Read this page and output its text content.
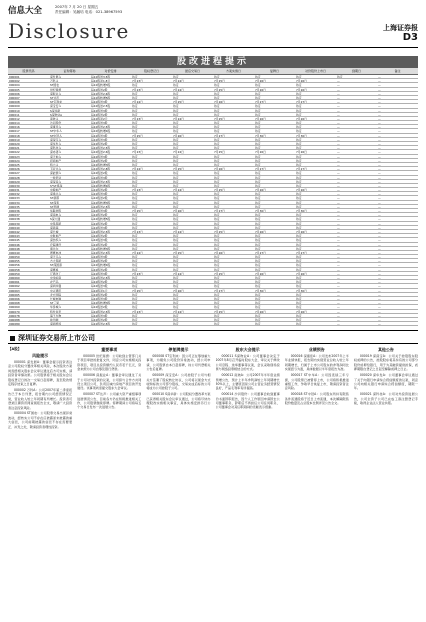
信息大全	2007年 7 月 20 日 星期五
责任编辑：吴瀚培 电话：021-38967593
Disclosure	上海证券报
D3
股改进程提示
股票代码	证券简称	对价安排	股权登记日	最后交易日	方案实施日	复牌日	对价股份上市日	到期日	备注
000001	深发展Ａ	每10股送3.5股	待定	待定	待定	待定	待定	待定	—
000002	万科Ａ	每10股派1.8元	7月23日	7月24日	7月25日	7月26日	7月26日	—	—
000004	ST国农	每10股转增3股	待定	待定	待定	待定	待定	—	—
000005	世纪星源	每10股送2股	7月23日	7月24日	7月25日	7月26日	7月26日	—	—
000006	深振业Ａ	每10股送2.6股	待定	待定	待定	待定	待定	—	—
000007	ST达声	每10股转增5股	待定	待定	待定	待定	待定	—	—
000008	ST宝利来	每10股送3股	7月24日	7月25日	7月26日	7月27日	7月27日	—	—
000009	深宝安Ａ	每10股送2.5股	待定	待定	待定	待定	待定	—	—
000010	S深华新	每10股送3股	待定	待定	待定	待定	待定	—	—
000011	S深物业A	每10股送2股	待定	待定	待定	待定	待定	—	—
000012	南玻Ａ	每10股派2元	7月23日	7月24日	7月25日	7月26日	7月26日	—	—
000014	沙河股份	每10股送3股	待定	待定	待定	待定	待定	—	—
000016	深康佳Ａ	每10股送2.5股	待定	待定	待定	待定	待定	—	—
000017	ST中华Ａ	每10股转增4股	待定	待定	待定	待定	待定	—	—
000018	ST中冠Ａ	每10股送3股	7月25日	7月26日	7月27日	7月30日	7月30日	—	—
000019	深深宝Ａ	每10股送3股	待定	待定	待定	待定	待定	—	—
000020	深华发Ａ	每10股送2股	待定	待定	待定	待定	待定	—	—
000021	深科技Ａ	每10股送2.5股	待定	待定	待定	待定	待定	—	—
000022	深赤湾Ａ	每10股送2.6股	7月23日	7月24日	7月25日	7月26日	7月26日	—	—
000023	深天地Ａ	每10股送3股	待定	待定	待定	待定	待定	—	—
000024	招商地产	每10股送2股	待定	待定	待定	待定	待定	—	—
000025	特力Ａ	每10股转增3股	待定	待定	待定	待定	待定	—	—
000026	飞亚达Ａ	每10股送2.8股	7月24日	7月25日	7月26日	7月27日	7月27日	—	—
000027	深能源Ａ	每10股送2股	待定	待定	待定	待定	待定	—	—
000028	一致药业	每10股送3股	待定	待定	待定	待定	待定	—	—
000029	深深房Ａ	每10股送2.5股	待定	待定	待定	待定	待定	—	—
000030	S*ST盛润	每10股转增4股	待定	待定	待定	待定	待定	—	—
000031	中粮地产	每10股送2股	7月23日	7月24日	7月25日	7月26日	7月26日	—	—
000032	深桑达Ａ	每10股送3股	待定	待定	待定	待定	待定	—	—
000033	ST新都	每10股送2股	待定	待定	待定	待定	待定	—	—
000034	ST深泰	每10股转增3股	待定	待定	待定	待定	待定	—	—
000035	ST科健	每10股送2.5股	待定	待定	待定	待定	待定	—	—
000036	华联控股	每10股送3股	7月25日	7月26日	7月27日	7月30日	7月30日	—	—
000037	深南电Ａ	每10股送2股	待定	待定	待定	待定	待定	—	—
000038	S深大通	每10股转增5股	待定	待定	待定	待定	待定	—	—
000039	中集集团	每10股送2股	待定	待定	待定	待定	待定	—	—
000040	深鸿基	每10股送3股	待定	待定	待定	待定	待定	—	—
000042	深长城	每10股送2.5股	7月23日	7月24日	7月25日	7月26日	7月26日	—	—
000043	中航地产	每10股送2股	待定	待定	待定	待定	待定	—	—
000045	深纺织Ａ	每10股送3股	待定	待定	待定	待定	待定	—	—
000046	泛海建设	每10股送2股	待定	待定	待定	待定	待定	—	—
000048	康达尔	每10股转增3股	待定	待定	待定	待定	待定	—	—
000049	德赛电池	每10股送2.5股	7月24日	7月25日	7月26日	7月27日	7月27日	—	—
000050	深天马Ａ	每10股送3股	待定	待定	待定	待定	待定	—	—
000055	方大集团	每10股送2股	待定	待定	待定	待定	待定	—	—
000056	ST深国商	每10股转增4股	待定	待定	待定	待定	待定	—	—
000058	深赛格	每10股送2股	待定	待定	待定	待定	待定	—	—
000059	辽通化工	每10股送3股	7月23日	7月24日	7月25日	7月26日	7月26日	—	—
000060	中金岭南	每10股送2.5股	待定	待定	待定	待定	待定	—	—
000061	农产品	每10股送2股	待定	待定	待定	待定	待定	—	—
000062	深圳华强	每10股送3股	待定	待定	待定	待定	待定	—	—
000063	中兴通讯	每10股派1元	7月25日	7月26日	7月27日	7月30日	7月30日	—	—
000065	北方国际	每10股送2股	待定	待定	待定	待定	待定	—	—
000066	长城电脑	每10股送3股	待定	待定	待定	待定	待定	—	—
000068	ST三星	每10股转增3股	待定	待定	待定	待定	待定	—	—
000069	华侨城Ａ	每10股送2股	待定	待定	待定	待定	待定	—	—
000070	特发信息	每10股送2.5股	7月23日	7月24日	7月25日	7月26日	7月26日	—	—
000078	海王生物	每10股送3股	待定	待定	待定	待定	待定	—	—
000088	盐田港	每10股送2股	待定	待定	待定	待定	待定	—	—
000089	深圳机场	每10股送2.5股	待定	待定	待定	待定	待定	—	—
深圳证券交易所上市公司
【A股】
风险提示

000001 深发展A：董事会提示投资者注意公司股权分置改革相关风险，本次股改方案尚需经相关股东会议审议通过后方可实施，请投资者审慎决策。公司股票将于相关股东会议股权登记日的次一交易日起停牌，直至股改规定程序结束之日复牌。

000002 万科A：公司2007年第二季度报告已于本日刊登，报告期内公司经营情况正常，营业收入较上年同期有所增长。投资者可登录巨潮资讯网查阅报告全文，敬请广大投资者注意投资风险。

000004 ST国农：公司股票交易出现异常波动，经核实公司不存在应披露而未披露的重大信息，公司前期披露的信息不存在需要更正、补充之处，敬请投资者理性投资。

重要事项

000005 世纪星源：公司收到主管部门关于项目审批的批复文件，同意公司实施相关投资项目，项目总投资额约人民币若干亿元，资金来源为公司自筹及银行贷款。

000006 深振业A：董事会审议通过了关于公司对外投资的议案，公司拟与合作方共同设立项目公司，负责区域内房地产项目的开发建设。该事项尚需提交股东大会审议。

000007 ST达声：公司重大资产重组事项进展情况公告，目前各方仍在积极推进相关工作，公司股票继续停牌。停牌期间公司将每五个交易日发布一次进展公告。

停复牌提示

000008 ST宝利来：因公司正在筹划重大事项，为避免公司股价异常波动，经公司申请，公司股票自本日起停牌，待公司刊登相关公告后复牌。

000009 深宝安A：公司控股子公司与相关方签署了股权转让协议，公司将以现金方式收购标的公司部分股权，交易完成后标的公司将成为公司控股子公司。

000010 S深华新：公司股权分置改革方案已获得相关股东会议审议通过，公司将尽快办理股改实施相关事宜，具体实施安排另行公告。

股东大会提示

000011 S深物业A：公司董事会决定于2007年8月召开临时股东大会，审议关于修改公司章程、选举董事等议案，会议采取现场投票与网络投票相结合的方式。

000012 南玻A：公司2007年半年度业绩预增公告，预计上半年净利润较上年同期增长50%以上，主要原因是公司主营业务经营情况良好，产品毛利率有所提高。

000014 沙河股份：公司董事会收到董事的书面辞职报告，因个人工作原因申请辞去公司董事职务，辞职后不再担任公司任何职务，公司董事会对其任职期间的贡献表示感谢。

业绩预告

000016 深康佳A：公司发布2007年上半年业绩快报，报告期内实现营业总收入较上年同期增长，归属于上市公司股东的净利润同比实现扭亏为盈，具体数据以半年度报告为准。

000017 ST中华A：公司因连续三年亏损，公司股票已被暂停上市，公司将积极推进重组工作，争取早日恢复上市，敬请投资者注意风险。

000018 ST中冠A：公司股东所持有限售条件流通股将于近日上市流通，本次解除限售股份数量及占总股本比例详见公告全文。

其他公告

000019 深深宝A：公司关于控股股东股权质押的公告，控股股东将其持有的公司部分股份质押给银行，用于为其融资提供担保，质押期限自登记之日起至解除质押之日止。

000020 深华发A：公司董事会审议通过了关于向银行申请综合授信额度的议案，同意公司向相关银行申请综合授信额度，期限一年。

000021 深科技A：公司对外投资进展公告，公司全资子公司已完成工商注册登记手续，取得企业法人营业执照。
